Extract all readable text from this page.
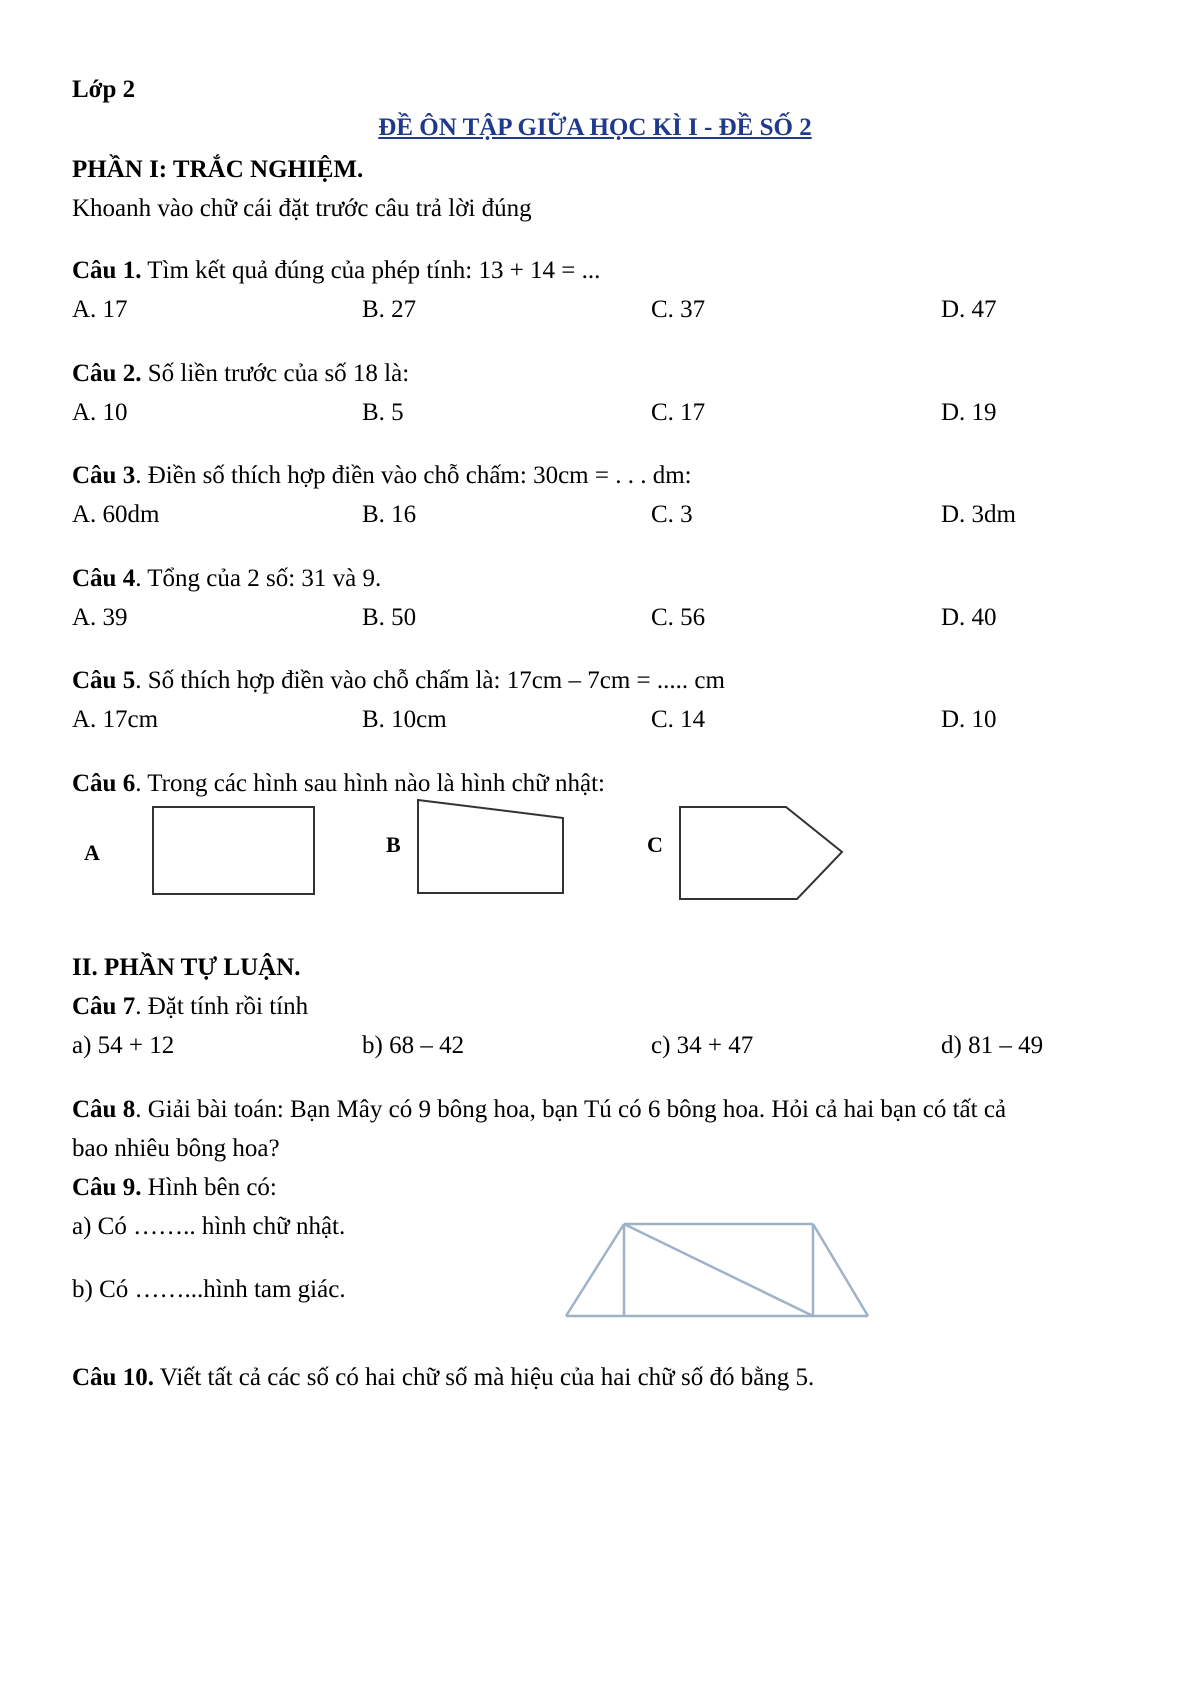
Lớp 2
ĐỀ ÔN TẬP GIỮA HỌC KÌ I - ĐỀ SỐ 2
PHẦN I: TRẮC NGHIỆM.
Khoanh vào chữ cái đặt trước câu trả lời đúng
Câu 1. Tìm kết quả đúng của phép tính: 13 + 14 = ...
A. 17	B. 27	C. 37	D. 47
Câu 2. Số liền trước của số 18 là:
A. 10	B. 5	C. 17	D. 19
Câu 3. Điền số thích hợp điền vào chỗ chấm: 30cm = . . . dm:
A. 60dm	B. 16	C. 3	D. 3dm
Câu 4. Tổng của 2 số: 31 và 9.
A. 39	B. 50	C. 56	D. 40
Câu 5. Số thích hợp điền vào chỗ chấm là: 17cm – 7cm = ..... cm
A. 17cm	B. 10cm	C. 14	D. 10
Câu 6. Trong các hình sau hình nào là hình chữ nhật:
A	B	C
II. PHẦN TỰ LUẬN.
Câu 7. Đặt tính rồi tính
a) 54 + 12	b) 68 – 42	c) 34 + 47	d) 81 – 49
Câu 8. Giải bài toán: Bạn Mây có 9 bông hoa, bạn Tú có 6 bông hoa. Hỏi cả hai bạn có tất cả
bao nhiêu bông hoa?
Câu 9. Hình bên có:
a) Có …….. hình chữ nhật.
b) Có ……...hình tam giác.
Câu 10. Viết tất cả các số có hai chữ số mà hiệu của hai chữ số đó bằng 5.
